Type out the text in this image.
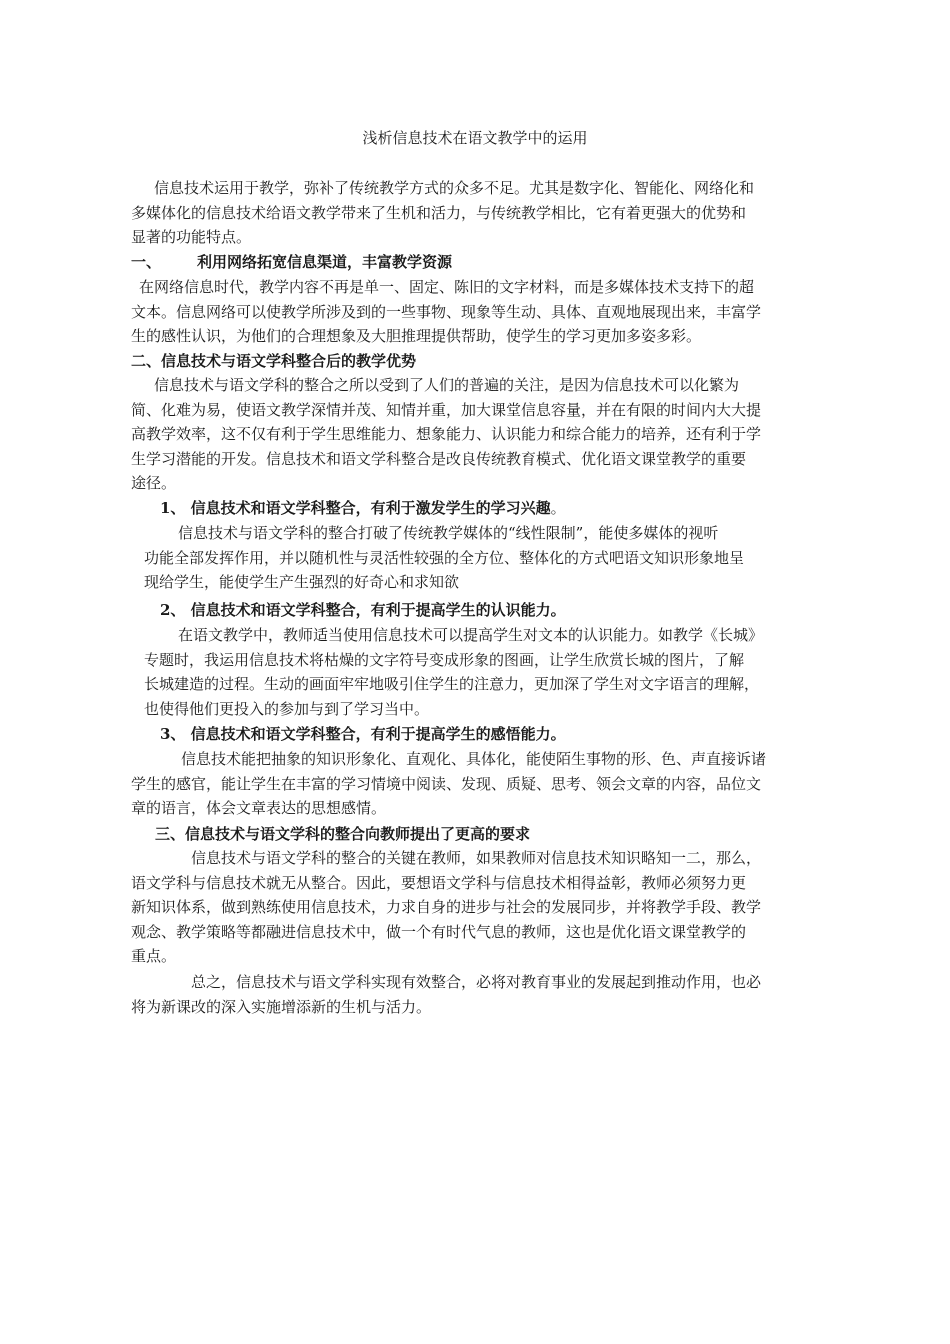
浅析信息技术在语文教学中的运用

信息技术运用于教学，弥补了传统教学方式的众多不足。尤其是数字化、智能化、网络化和

多媒体化的信息技术给语文教学带来了生机和活力，与传统教学相比，它有着更强大的优势和

显著的功能特点。

一、 利用网络拓宽信息渠道，丰富教学资源

在网络信息时代，教学内容不再是单一、固定、陈旧的文字材料，而是多媒体技术支持下的超

文本。信息网络可以使教学所涉及到的一些事物、现象等生动、具体、直观地展现出来，丰富学

生的感性认识，为他们的合理想象及大胆推理提供帮助，使学生的学习更加多姿多彩。

二、信息技术与语文学科整合后的教学优势

信息技术与语文学科的整合之所以受到了人们的普遍的关注，是因为信息技术可以化繁为

简、化难为易，使语文教学深情并茂、知情并重，加大课堂信息容量，并在有限的时间内大大提

高教学效率，这不仅有利于学生思维能力、想象能力、认识能力和综合能力的培养，还有利于学

生学习潜能的开发。信息技术和语文学科整合是改良传统教育模式、优化语文课堂教学的重要

途径。

1、 信息技术和语文学科整合，有利于激发学生的学习兴趣。

信息技术与语文学科的整合打破了传统教学媒体的“线性限制”，能使多媒体的视听

功能全部发挥作用，并以随机性与灵活性较强的全方位、整体化的方式吧语文知识形象地呈

现给学生，能使学生产生强烈的好奇心和求知欲

2、 信息技术和语文学科整合，有利于提高学生的认识能力。

在语文教学中，教师适当使用信息技术可以提高学生对文本的认识能力。如教学《长城》

专题时，我运用信息技术将枯燥的文字符号变成形象的图画，让学生欣赏长城的图片，了解

长城建造的过程。生动的画面牢牢地吸引住学生的注意力，更加深了学生对文字语言的理解，

也使得他们更投入的参加与到了学习当中。

3、 信息技术和语文学科整合，有利于提高学生的感悟能力。

信息技术能把抽象的知识形象化、直观化、具体化，能使陌生事物的形、色、声直接诉诸

学生的感官，能让学生在丰富的学习情境中阅读、发现、质疑、思考、领会文章的内容，品位文

章的语言，体会文章表达的思想感情。

三、信息技术与语文学科的整合向教师提出了更高的要求

信息技术与语文学科的整合的关键在教师，如果教师对信息技术知识略知一二，那么，

语文学科与信息技术就无从整合。因此，要想语文学科与信息技术相得益彰，教师必须努力更

新知识体系，做到熟练使用信息技术，力求自身的进步与社会的发展同步，并将教学手段、教学

观念、教学策略等都融进信息技术中，做一个有时代气息的教师，这也是优化语文课堂教学的

重点。

总之，信息技术与语文学科实现有效整合，必将对教育事业的发展起到推动作用，也必

将为新课改的深入实施增添新的生机与活力。
